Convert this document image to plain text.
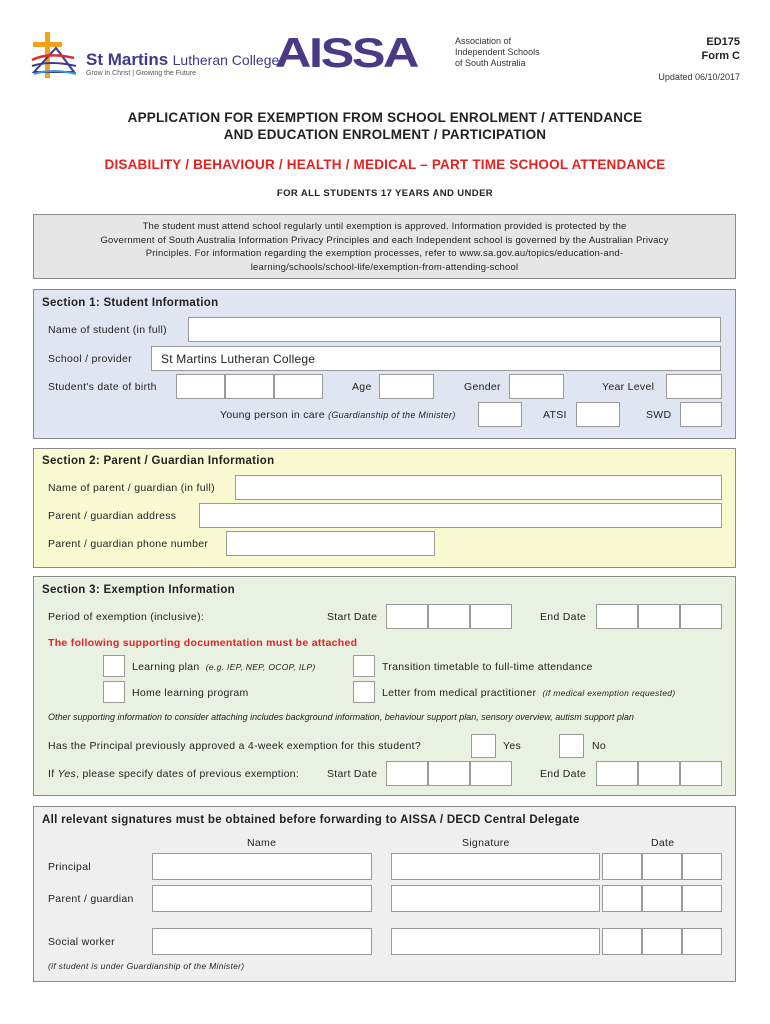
St Martins Lutheran College
Grow in Christ | Growing the Future AISSA	Association of
Independent Schools
of South Australia
ED175
Form C
Updated 06/10/2017
APPLICATION FOR EXEMPTION FROM SCHOOL ENROLMENT / ATTENDANCE
AND EDUCATION ENROLMENT / PARTICIPATION
DISABILITY / BEHAVIOUR / HEALTH / MEDICAL – PART TIME SCHOOL ATTENDANCE
FOR ALL STUDENTS 17 YEARS AND UNDER
The student must attend school regularly until exemption is approved. Information provided is protected by the
Government of South Australia Information Privacy Principles and each Independent school is governed by the Australian Privacy
Principles. For information regarding the exemption processes, refer to www.sa.gov.au/topics/education-and-
learning/schools/school-life/exemption-from-attending-school
Section 1: Student Information
Name of student (in full)
School / provider	St Martins Lutheran College
Student's date of birth	Age	Gender	Year Level
Young person in care (Guardianship of the Minister)	ATSI	SWD
Section 2: Parent / Guardian Information
Name of parent / guardian (in full)
Parent / guardian address
Parent / guardian phone number
Section 3: Exemption Information
Period of exemption (inclusive):	Start Date	End Date
The following supporting documentation must be attached
Learning plan (e.g. IEP, NEP, OCOP, ILP)	Transition timetable to full-time attendance
Home learning program	Letter from medical practitioner (if medical exemption requested)
Other supporting information to consider attaching includes background information, behaviour support plan, sensory overview, autism support plan
Has the Principal previously approved a 4-week exemption for this student?	Yes	No
If Yes, please specify dates of previous exemption:	Start Date	End Date
All relevant signatures must be obtained before forwarding to AISSA / DECD Central Delegate
Name	Signature	Date
Principal
Parent / guardian
Social worker
(if student is under Guardianship of the Minister)
